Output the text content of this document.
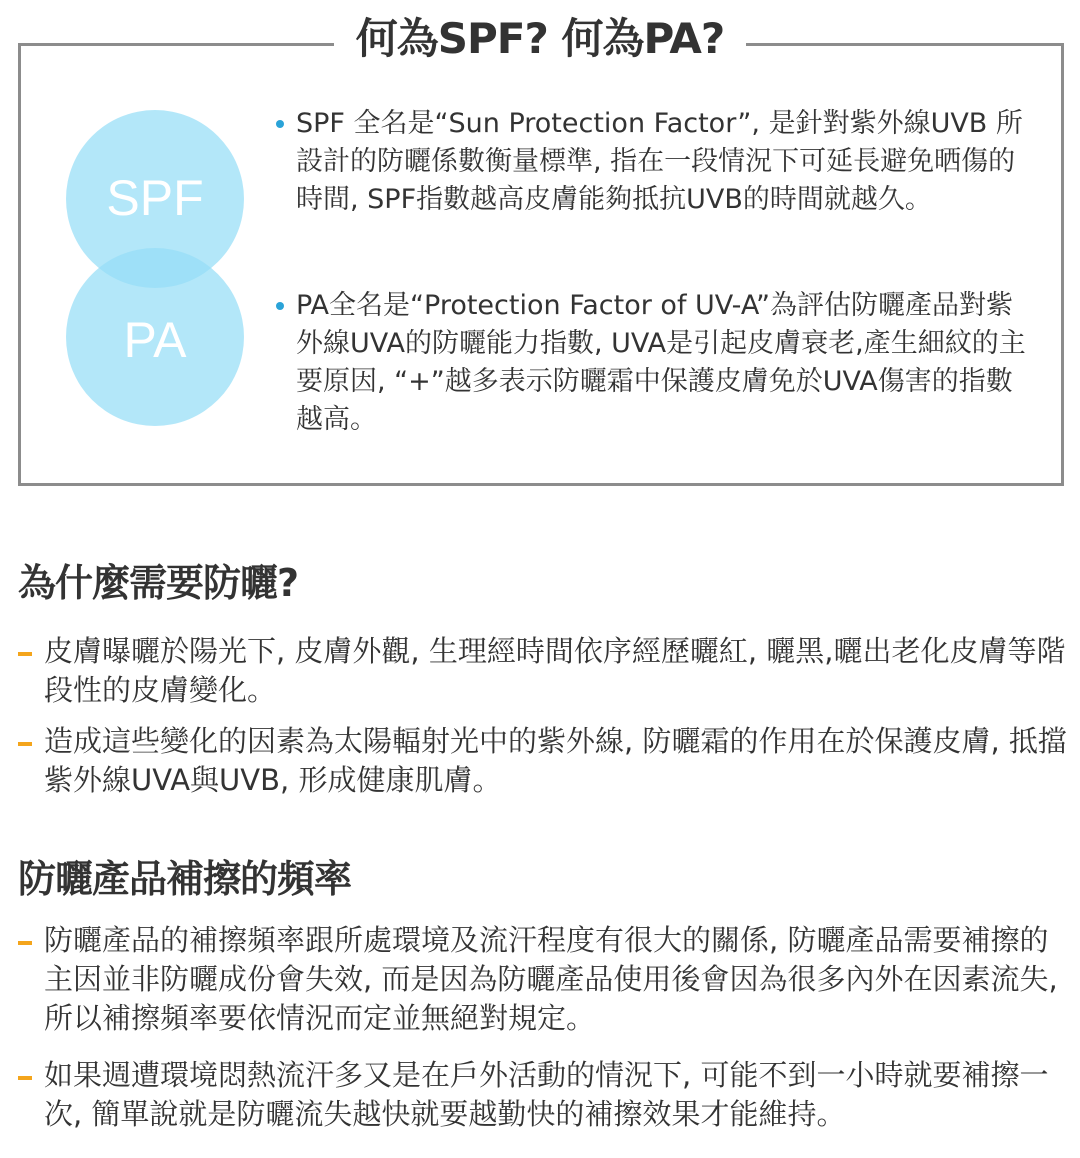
何為SPF? 何為PA?
SPF
PA

SPF 全名是“Sun Protection Factor”, 是針對紫外線UVB 所設計的防曬係數衡量標準, 指在一段情況下可延長避免晒傷的時間, SPF指數越高皮膚能夠抵抗UVB的時間就越久。

PA全名是“Protection Factor of UV-A”為評估防曬產品對紫外線UVA的防曬能力指數, UVA是引起皮膚衰老,產生細紋的主要原因, “+”越多表示防曬霜中保護皮膚免於UVA傷害的指數越高。

為什麼需要防曬?

皮膚曝曬於陽光下, 皮膚外觀, 生理經時間依序經歷曬紅, 曬黑,曬出老化皮膚等階段性的皮膚變化。

造成這些變化的因素為太陽輻射光中的紫外線, 防曬霜的作用在於保護皮膚, 抵擋紫外線UVA與UVB, 形成健康肌膚。

防曬產品補擦的頻率

防曬產品的補擦頻率跟所處環境及流汗程度有很大的關係, 防曬產品需要補擦的主因並非防曬成份會失效, 而是因為防曬產品使用後會因為很多內外在因素流失, 所以補擦頻率要依情況而定並無絕對規定。

如果週遭環境悶熱流汗多又是在戶外活動的情況下, 可能不到一小時就要補擦一次, 簡單說就是防曬流失越快就要越勤快的補擦效果才能維持。
